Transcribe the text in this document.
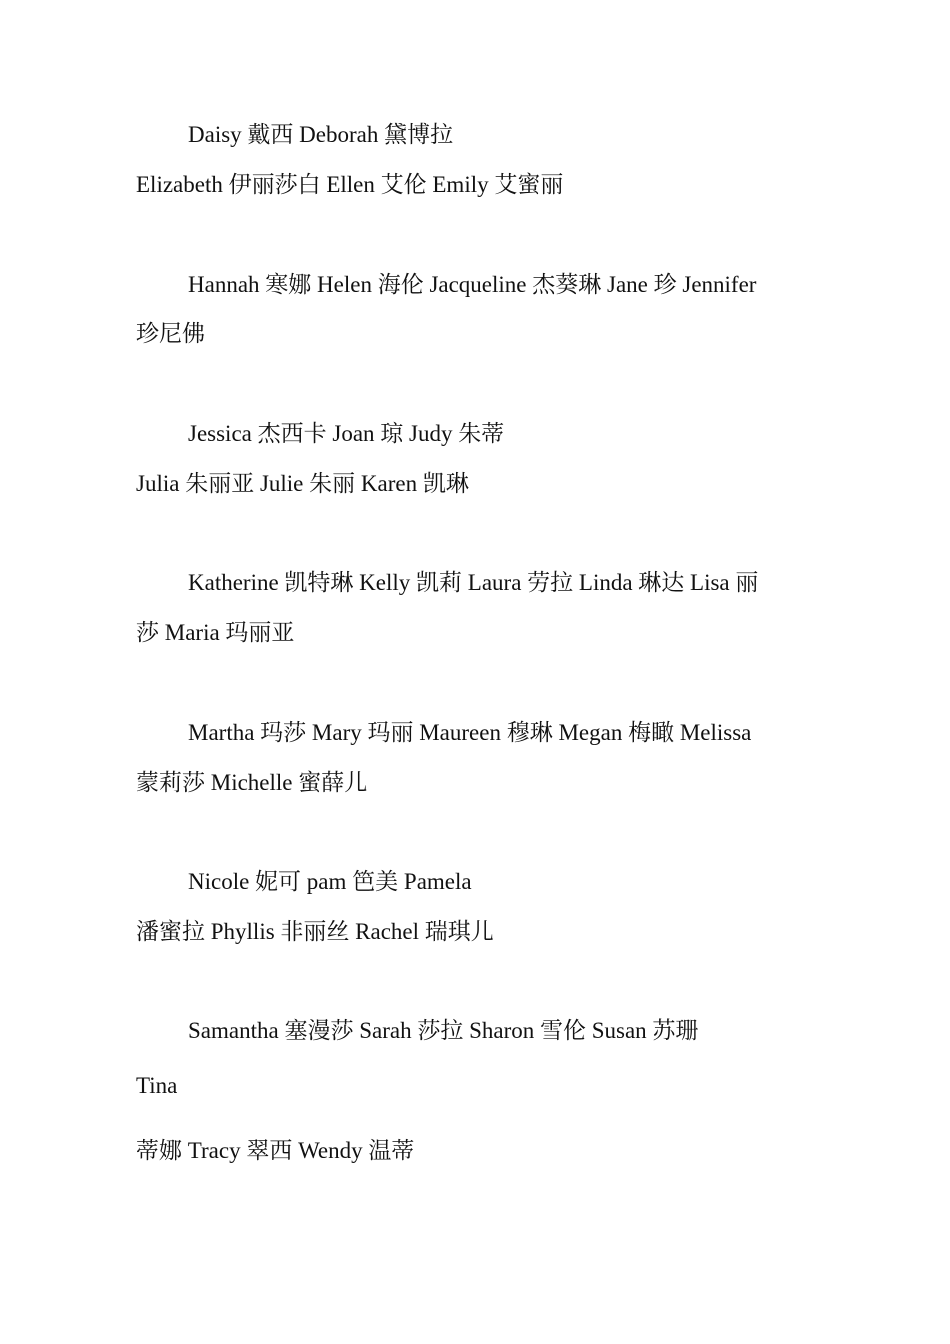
Daisy 戴西 Deborah 黛博拉
Elizabeth 伊丽莎白 Ellen 艾伦 Emily 艾蜜丽
Hannah 寒娜 Helen 海伦 Jacqueline 杰葵琳 Jane 珍 Jennifer
珍尼佛
Jessica 杰西卡 Joan 琼 Judy 朱蒂
Julia 朱丽亚 Julie 朱丽 Karen 凯琳
Katherine 凯特琳 Kelly 凯莉 Laura 劳拉 Linda 琳达 Lisa 丽
莎 Maria 玛丽亚
Martha 玛莎 Mary 玛丽 Maureen 穆琳 Megan 梅瞰 Melissa
蒙莉莎 Michelle 蜜薛儿
Nicole 妮可 pam 笆美 Pamela
潘蜜拉 Phyllis 非丽丝 Rachel 瑞琪儿
Samantha 塞漫莎 Sarah 莎拉 Sharon 雪伦 Susan 苏珊
Tina
蒂娜 Tracy 翠西 Wendy 温蒂
